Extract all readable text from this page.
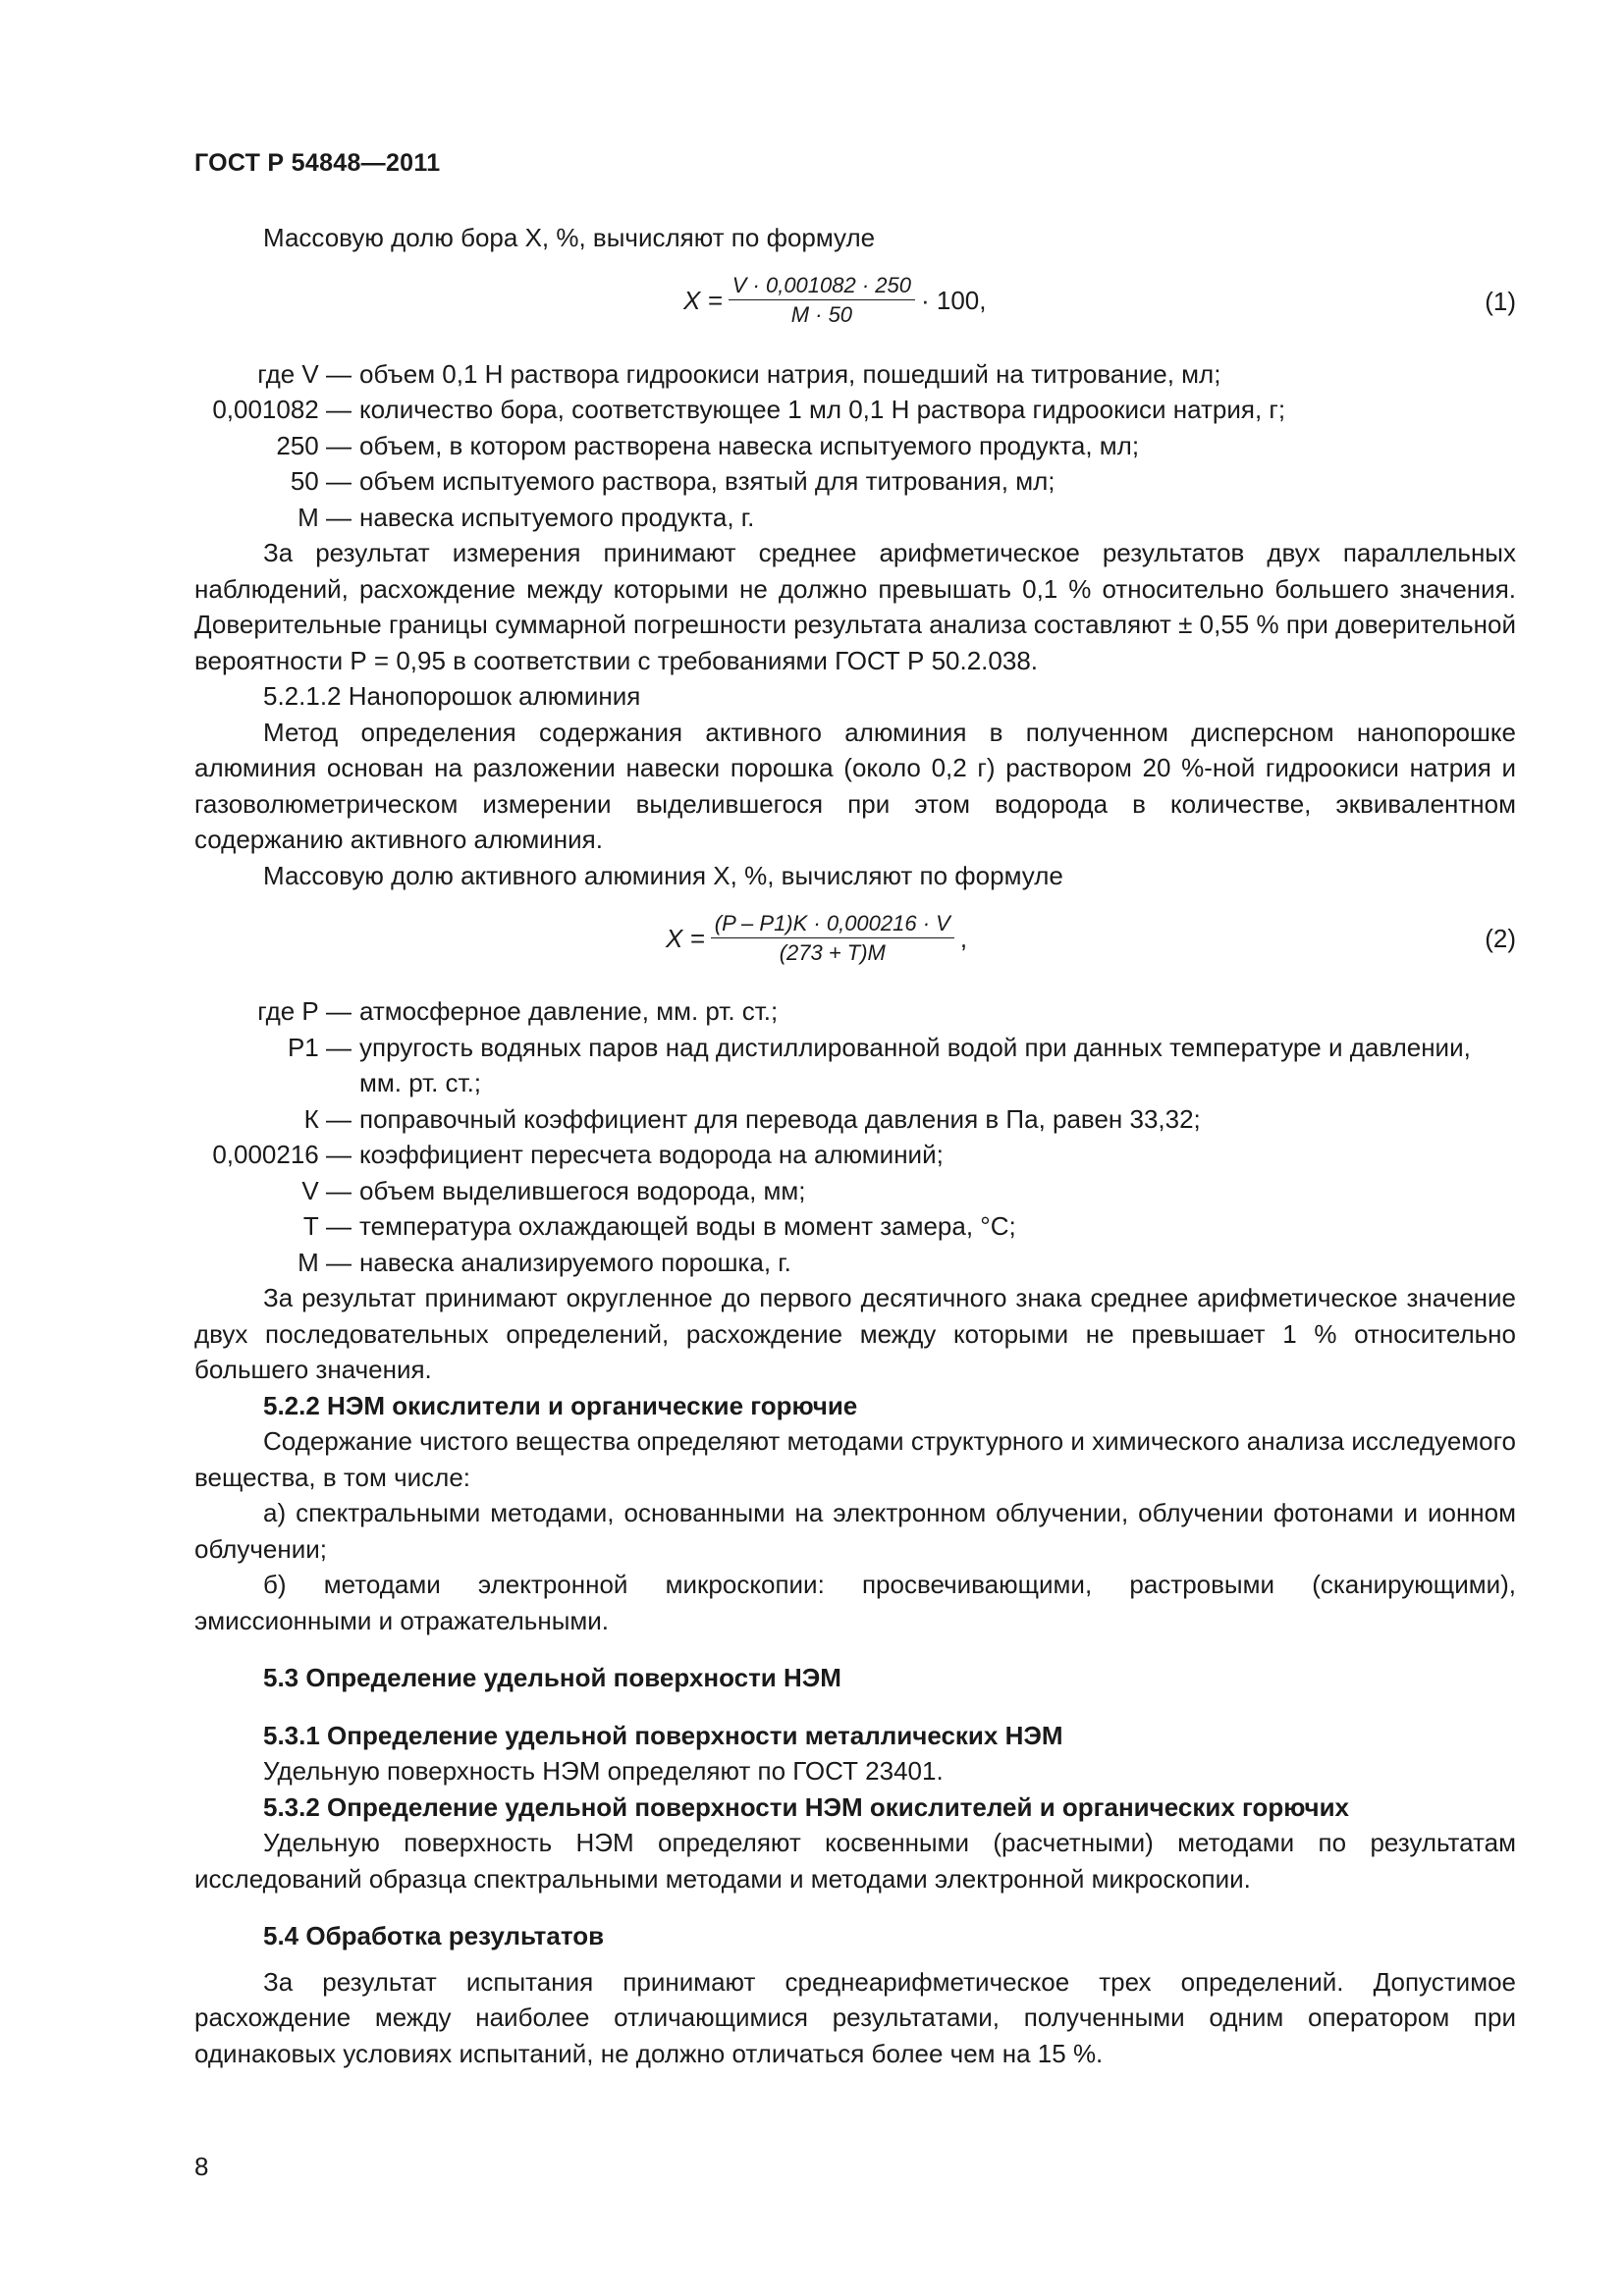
ГОСТ Р 54848—2011

Массовую долю бора X, %, вычисляют по формуле

$X = \frac{V \cdot 0,001082 \cdot 250}{M \cdot 50} \cdot 100$,	(1)
где V — объем 0,1 Н раствора гидроокиси натрия, пошедший на титрование, мл;
0,001082 — количество бора, соответствующее 1 мл 0,1 Н раствора гидроокиси натрия, г;
250 — объем, в котором растворена навеска испытуемого продукта, мл;
50 — объем испытуемого раствора, взятый для титрования, мл;
М — навеска испытуемого продукта, г.

За результат измерения принимают среднее арифметическое результатов двух параллельных наблюдений, расхождение между которыми не должно превышать 0,1 % относительно большего значения. Доверительные границы суммарной погрешности результата анализа составляют ± 0,55 % при доверительной вероятности Р = 0,95 в соответствии с требованиями ГОСТ Р 50.2.038.

5.2.1.2 Нанопорошок алюминия

Метод определения содержания активного алюминия в полученном дисперсном нанопорошке алюминия основан на разложении навески порошка (около 0,2 г) раствором 20 %-ной гидроокиси натрия и газоволюметрическом измерении выделившегося при этом водорода в количестве, эквивалентном содержанию активного алюминия.

Массовую долю активного алюминия X, %, вычисляют по формуле

$X = \frac{(P - P1)K \cdot 0,000216 \cdot V}{(273 + T)M}$ ,	(2)
где Р — атмосферное давление, мм. рт. ст.;
P1 — упругость водяных паров над дистиллированной водой при данных температуре и давлении, мм. рт. ст.;
К — поправочный коэффициент для перевода давления в Па, равен 33,32;
0,000216 — коэффициент пересчета водорода на алюминий;
V — объем выделившегося водорода, мм;
Т — температура охлаждающей воды в момент замера, °С;
М — навеска анализируемого порошка, г.

За результат принимают округленное до первого десятичного знака среднее арифметическое значение двух последовательных определений, расхождение между которыми не превышает 1 % относительно большего значения.

5.2.2 НЭМ окислители и органические горючие

Содержание чистого вещества определяют методами структурного и химического анализа исследуемого вещества, в том числе:

а) спектральными методами, основанными на электронном облучении, облучении фотонами и ионном облучении;

б) методами электронной микроскопии: просвечивающими, растровыми (сканирующими), эмиссионными и отражательными.

5.3 Определение удельной поверхности НЭМ

5.3.1 Определение удельной поверхности металлических НЭМ

Удельную поверхность НЭМ определяют по ГОСТ 23401.

5.3.2 Определение удельной поверхности НЭМ окислителей и органических горючих

Удельную поверхность НЭМ определяют косвенными (расчетными) методами по результатам исследований образца спектральными методами и методами электронной микроскопии.

5.4 Обработка результатов

За результат испытания принимают среднеарифметическое трех определений. Допустимое расхождение между наиболее отличающимися результатами, полученными одним оператором при одинаковых условиях испытаний, не должно отличаться более чем на 15 %.

8
